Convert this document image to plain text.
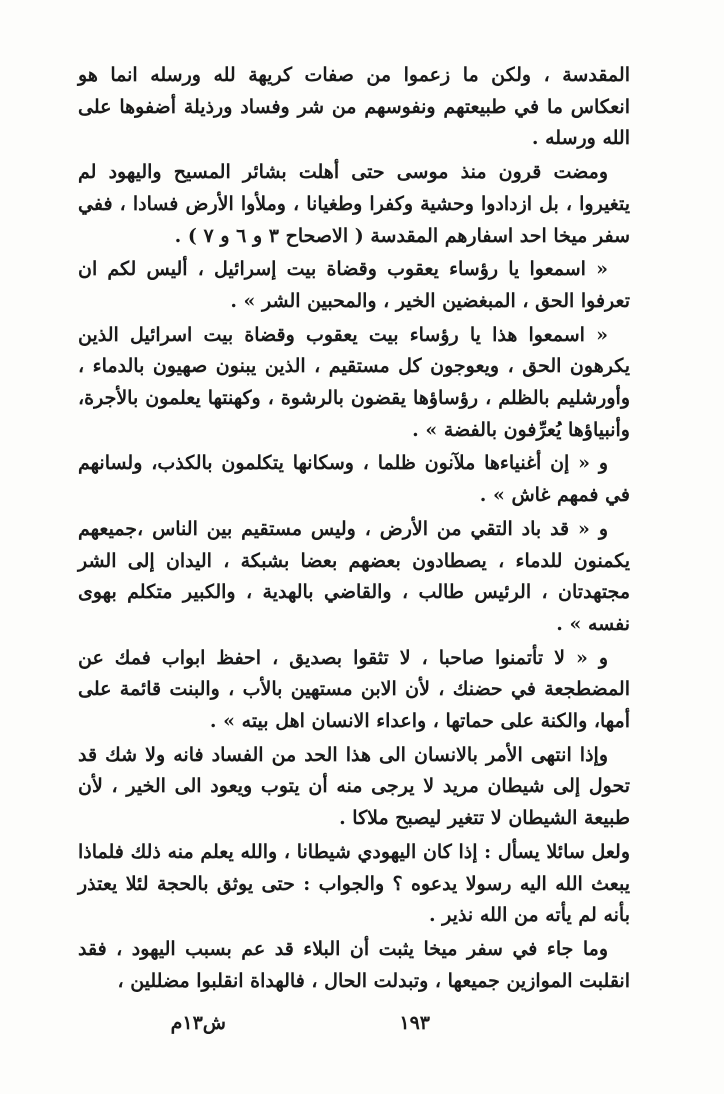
المقدسة ، ولكن ما زعموا من صفات كريهة لله ورسله انما هو انعكاس ما في طبيعتهم ونفوسهم من شر وفساد ورذيلة أضفوها على الله ورسله .

ومضت قرون منذ موسى حتى أهلت بشائر المسيح واليهود لم يتغيروا ، بل ازدادوا وحشية وكفرا وطغيانا ، وملأوا الأرض فسادا ، ففي سفر ميخا احد اسفارهم المقدسة ( الاصحاح ٣ و ٦ و ٧ ) .

« اسمعوا يا رؤساء يعقوب وقضاة بيت إسرائيل ، أليس لكم ان تعرفوا الحق ، المبغضين الخير ، والمحبين الشر » .

« اسمعوا هذا يا رؤساء بيت يعقوب وقضاة بيت اسرائيل الذين يكرهون الحق ، ويعوجون كل مستقيم ، الذين يبنون صهيون بالدماء ، وأورشليم بالظلم ، رؤساؤها يقضون بالرشوة ، وكهنتها يعلمون بالأجرة، وأنبياؤها يُعرِّفون بالفضة » .

و « إن أغنياءها ملآنون ظلما ، وسكانها يتكلمون بالكذب، ولسانهم في فمهم غاش » .

و « قد باد التقي من الأرض ، وليس مستقيم بين الناس ،جميعهم يكمنون للدماء ، يصطادون بعضهم بعضا بشبكة ، اليدان إلى الشر مجتهدتان ، الرئيس طالب ، والقاضي بالهدية ، والكبير متكلم بهوى نفسه » .

و « لا تأتمنوا صاحبا ، لا تثقوا بصديق ، احفظ ابواب فمك عن المضطجعة في حضنك ، لأن الابن مستهين بالأب ، والبنت قائمة على أمها، والكنة على حماتها ، واعداء الانسان اهل بيته » .

وإذا انتهى الأمر بالانسان الى هذا الحد من الفساد فانه ولا شك قد تحول إلى شيطان مريد لا يرجى منه أن يتوب ويعود الى الخير ، لأن طبيعة الشيطان لا تتغير ليصبح ملاكا .

ولعل سائلا يسأل : إذا كان اليهودي شيطانا ، والله يعلم منه ذلك فلماذا يبعث الله اليه رسولا يدعوه ؟ والجواب : حتى يوثق بالحجة لئلا يعتذر بأنه لم يأته من الله نذير .

وما جاء في سفر ميخا يثبت أن البلاء قد عم بسبب اليهود ، فقد انقلبت الموازين جميعها ، وتبدلت الحال ، فالهداة انقلبوا مضللين ،

ش١٣م	١٩٣
